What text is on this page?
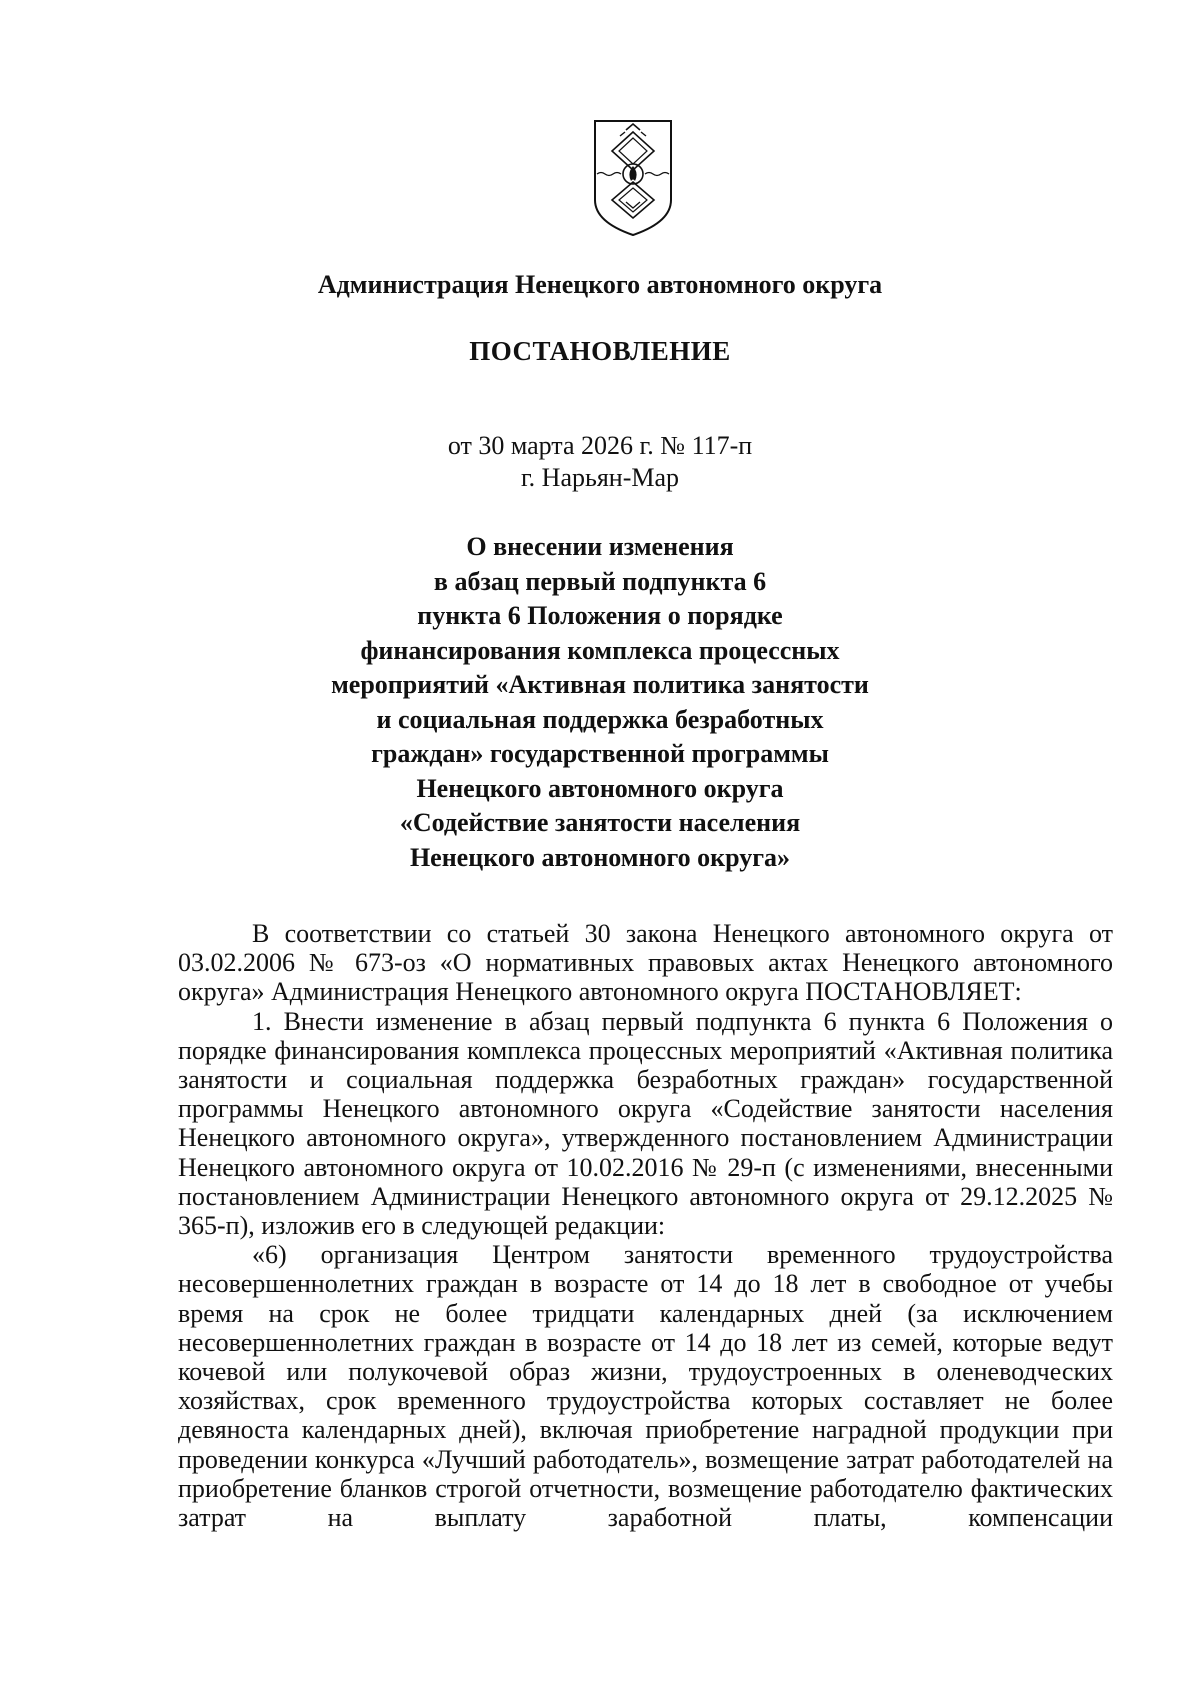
Администрация Ненецкого автономного округа
ПОСТАНОВЛЕНИЕ
от 30 марта 2026 г. № 117-п
г. Нарьян-Мар
О внесении изменения
в абзац первый подпункта 6
пункта 6 Положения о порядке
финансирования комплекса процессных
мероприятий «Активная политика занятости
и социальная поддержка безработных
граждан» государственной программы
Ненецкого автономного округа
«Содействие занятости населения
Ненецкого автономного округа»

В соответствии со статьей 30 закона Ненецкого автономного округа от 03.02.2006 № 673-оз «О нормативных правовых актах Ненецкого автономного округа» Администрация Ненецкого автономного округа ПОСТАНОВЛЯЕТ:

1. Внести изменение в абзац первый подпункта 6 пункта 6 Положения о порядке финансирования комплекса процессных мероприятий «Активная политика занятости и социальная поддержка безработных граждан» государственной программы Ненецкого автономного округа «Содействие занятости населения Ненецкого автономного округа», утвержденного постановлением Администрации Ненецкого автономного округа от 10.02.2016 № 29-п (с изменениями, внесенными постановлением Администрации Ненецкого автономного округа от 29.12.2025 № 365-п), изложив его в следующей редакции:

«6) организация Центром занятости временного трудоустройства несовершеннолетних граждан в возрасте от 14 до 18 лет в свободное от учебы время на срок не более тридцати календарных дней (за исключением несовершеннолетних граждан в возрасте от 14 до 18 лет из семей, которые ведут кочевой или полукочевой образ жизни, трудоустроенных в оленеводческих хозяйствах, срок временного трудоустройства которых составляет не более девяноста календарных дней), включая приобретение наградной продукции при проведении конкурса «Лучший работодатель», возмещение затрат работодателей на приобретение бланков строгой отчетности, возмещение работодателю фактических затрат на выплату заработной платы, компенсации
